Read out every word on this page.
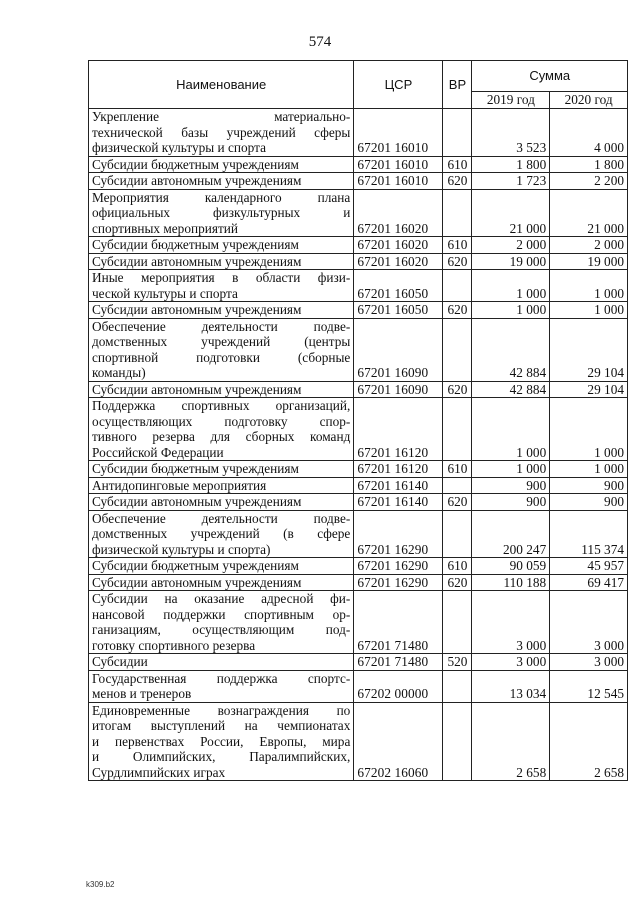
574
Наименование	ЦСР	ВР	Сумма	
			2019 год	2020 год

Укрепление материально-
технической базы учреждений сферы
физической культуры и спорта	67201 16010		3 523	4 000

Субсидии бюджетным учреждениям	67201 16010	610	1 800	1 800

Субсидии автономным учреждениям	67201 16010	620	1 723	2 200

Мероприятия календарного плана
официальных физкультурных и
спортивных мероприятий	67201 16020		21 000	21 000

Субсидии бюджетным учреждениям	67201 16020	610	2 000	2 000

Субсидии автономным учреждениям	67201 16020	620	19 000	19 000

Иные мероприятия в области физи-
ческой культуры и спорта	67201 16050		1 000	1 000

Субсидии автономным учреждениям	67201 16050	620	1 000	1 000

Обеспечение деятельности подве-
домственных учреждений (центры
спортивной подготовки (сборные
команды)	67201 16090		42 884	29 104

Субсидии автономным учреждениям	67201 16090	620	42 884	29 104

Поддержка спортивных организаций,
осуществляющих подготовку спор-
тивного резерва для сборных команд
Российской Федерации	67201 16120		1 000	1 000

Субсидии бюджетным учреждениям	67201 16120	610	1 000	1 000

Антидопинговые мероприятия	67201 16140		900	900

Субсидии автономным учреждениям	67201 16140	620	900	900

Обеспечение деятельности подве-
домственных учреждений (в сфере
физической культуры и спорта)	67201 16290		200 247	115 374

Субсидии бюджетным учреждениям	67201 16290	610	90 059	45 957

Субсидии автономным учреждениям	67201 16290	620	110 188	69 417

Субсидии на оказание адресной фи-
нансовой поддержки спортивным ор-
ганизациям, осуществляющим под-
готовку спортивного резерва	67201 71480		3 000	3 000

Субсидии	67201 71480	520	3 000	3 000

Государственная поддержка спортс-
менов и тренеров	67202 00000		13 034	12 545

Единовременные вознаграждения по
итогам выступлений на чемпионатах
и первенствах России, Европы, мира
и Олимпийских, Паралимпийских,
Сурдлимпийских играх	67202 16060		2 658	2 658
k309.b2
